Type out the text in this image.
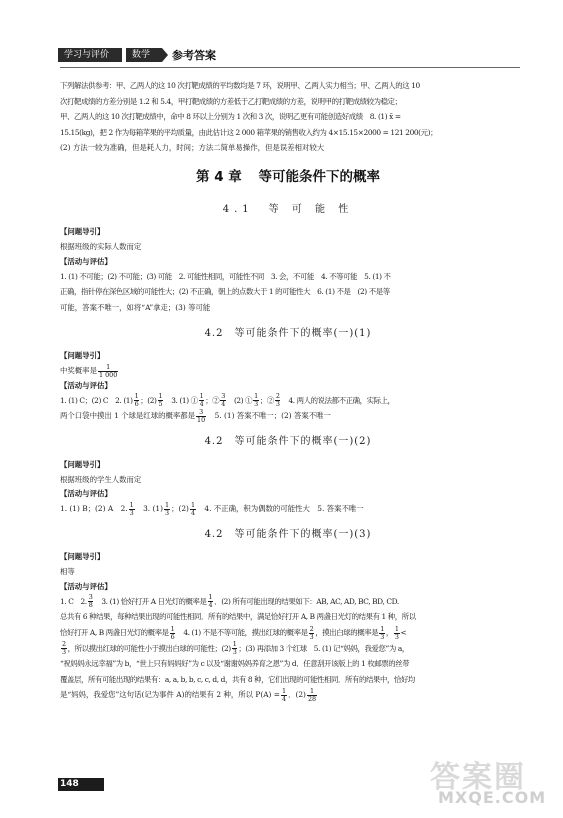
学习与评价	数学	参考答案
下列解法供参考：甲、乙两人的这 10 次打靶成绩的平均数均是 7 环，说明甲、乙两人实力相当；甲、乙两人的这 10
次打靶成绩的方差分别是 1.2 和 5.4，甲打靶成绩的方差低于乙打靶成绩的方差，说明甲的打靶成绩较为稳定；
甲、乙两人的这 10 次打靶成绩中，命中 8 环以上分别为 1 次和 3 次，说明乙更有可能创造好成绩　8. (1) x̄ =
15.15(kg)，把 2 作为每箱苹果的平均质量，由此估计这 2 000 箱苹果的销售收入约为 4×15.15×2000 = 121 200(元)；
(2) 方法一较为准确，但是耗人力，时间；方法二简单易操作，但是误差相对较大
第 4 章 等可能条件下的概率
4.1　等 可 能 性
【问题导引】
根据班级的实际人数而定
【活动与评估】
1. (1) 不可能；(2) 不可能；(3) 可能　2. 可能性相同，可能性不同　3. 会，不可能　4. 不等可能　5. (1) 不
正确，指针停在深色区域的可能性大；(2) 不正确，朝上的点数大于 1 的可能性大　6. (1) 不是　(2) 不是等
可能，答案不唯一，如将“A”拿走；(3) 等可能
4.2　等可能条件下的概率(一)(1)
【问题导引】
中奖概率是 $\frac{1}{1 000}$
【活动与评估】
1. (1) C；(2) C　2. $(1) \frac{1}{6}$ ；$(2) \frac{1}{5}$ 　3. (1) ① $\frac{1}{4}$ ；② $\frac{3}{4}$ 　(2) ① $\frac{1}{3}$ ；② $\frac{2}{3}$ 　4. 两人的说法都不正确，实际上，
两个口袋中摸出 1 个球是红球的概率都是 $\frac{3}{10}$ 　5. (1) 答案不唯一；(2) 答案不唯一
4.2　等可能条件下的概率(一)(2)
【问题导引】
根据班级的学生人数而定
【活动与评估】
1. (1) B；(2) A　2. $\frac{1}{3}$ 　3. $(1) \frac{1}{3}$ ；$(2) \frac{1}{4}$ 　4. 不正确，积为偶数的可能性大　5. 答案不唯一
4.2　等可能条件下的概率(一)(3)
【问题导引】
相等
【活动与评估】
1. C　2. $\frac{3}{8}$ 　3. (1) 恰好打开 A 日光灯的概率是 $\frac{1}{4}$ ．(2) 所有可能出现的结果如下：AB, AC, AD, BC, BD, CD.
总共有 6 种结果，每种结果出现的可能性相同．所有的结果中，满足恰好打开 A, B 两盏日光灯的结果有 1 种，所以
恰好打开 A, B 两盏日光灯的概率是 $\frac{1}{6}$ 　4. (1) 不是不等可能，摸出红球的概率是 $\frac{2}{3}$ ，摸出白球的概率是 $\frac{1}{3}$ ， $\frac{1}{3}$ <
$\frac{2}{3}$ ，所以摸出红球的可能性小于摸出白球的可能性；$(2) \frac{1}{3}$ ；(3) 再添加 3 个红球　5. (1) 记“妈妈，我爱您”为 a，
“祝妈妈永远幸福”为 b，“世上只有妈妈好”为 c 以及“谢谢妈妈养育之恩”为 d．任意刮开该版上的 1 枚邮票的丝带
覆盖层，所有可能出现的结果有：a, a, b, b, c, c, d, d，共有 8 种，它们出现的可能性相同．所有的结果中，恰好均
是“妈妈，我爱您”这句话(记为事件 A)的结果有 2 种，所以 $P(A) = \frac{1}{4}$ ．$(2) \frac{1}{28}$
148	答案圈
MXQE.COM
